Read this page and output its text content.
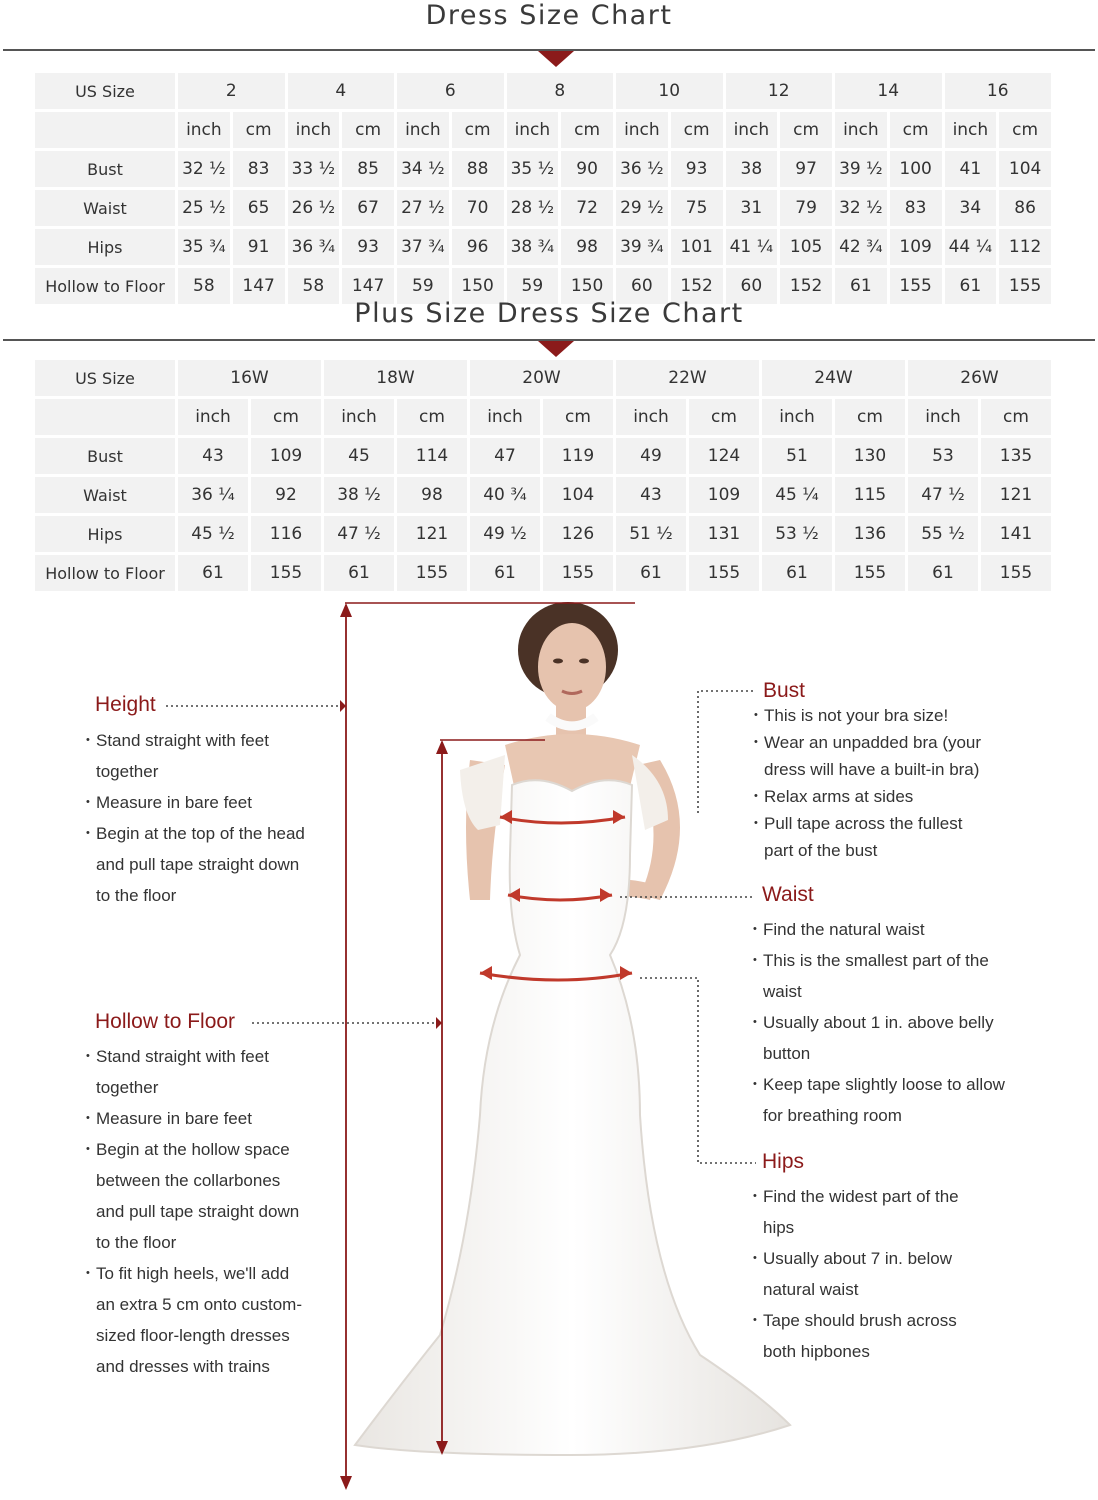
Dress Size Chart
US Size	2		4		6		8		10		12		14		16	
	inch	cm	inch	cm	inch	cm	inch	cm	inch	cm	inch	cm	inch	cm	inch	cm
Bust	32 ½	83	33 ½	85	34 ½	88	35 ½	90	36 ½	93	38	97	39 ½	100	41	104
Waist	25 ½	65	26 ½	67	27 ½	70	28 ½	72	29 ½	75	31	79	32 ½	83	34	86
Hips	35 ¾	91	36 ¾	93	37 ¾	96	38 ¾	98	39 ¾	101	41 ¼	105	42 ¾	109	44 ¼	112
Hollow to Floor	58	147	58	147	59	150	59	150	60	152	60	152	61	155	61	155
Plus Size Dress Size Chart
US Size	16W		18W		20W		22W		24W		26W	
	inch	cm	inch	cm	inch	cm	inch	cm	inch	cm	inch	cm
Bust	43	109	45	114	47	119	49	124	51	130	53	135
Waist	36 ¼	92	38 ½	98	40 ¾	104	43	109	45 ¼	115	47 ½	121
Hips	45 ½	116	47 ½	121	49 ½	126	51 ½	131	53 ½	136	55 ½	141
Hollow to Floor	61	155	61	155	61	155	61	155	61	155	61	155
Height
• Stand straight with feet
together
• Measure in bare feet
• Begin at the top of the head
and pull tape straight down
to the floor
Hollow to Floor
• Stand straight with feet
together
• Measure in bare feet
• Begin at the hollow space
between the collarbones
and pull tape straight down
to the floor
• To fit high heels, we'll add
an extra 5 cm onto custom-
sized floor-length dresses
and dresses with trains
Bust
• This is not your bra size!
• Wear an unpadded bra (your
dress will have a built-in bra)
• Relax arms at sides
• Pull tape across the fullest
part of the bust
Waist
• Find the natural waist
• This is the smallest part of the
waist
• Usually about 1 in. above belly
button
• Keep tape slightly loose to allow
for breathing room
Hips
• Find the widest part of the
hips
• Usually about 7 in. below
natural waist
• Tape should brush across
both hipbones
